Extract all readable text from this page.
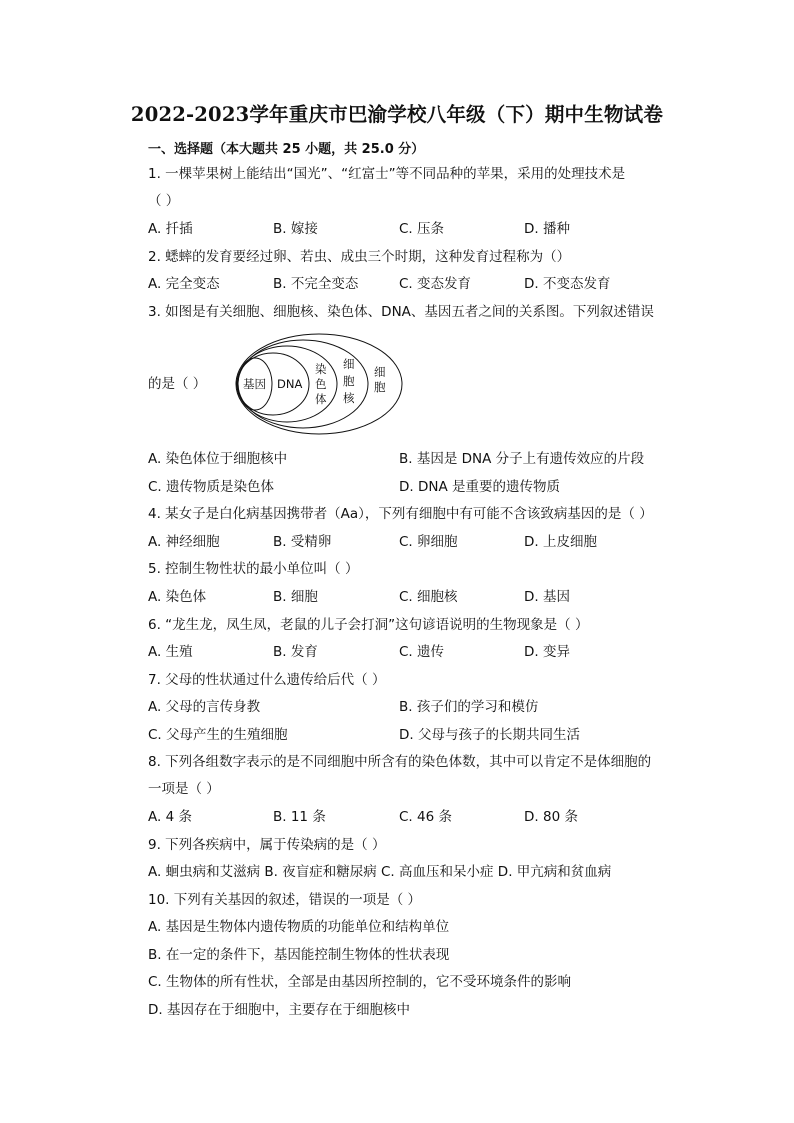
2022-2023学年重庆市巴渝学校八年级（下）期中生物试卷
一、选择题（本大题共 25 小题，共 25.0 分）
1. 一棵苹果树上能结出“国光”、“红富士”等不同品种的苹果，采用的处理技术是
（ ）
A. 扦插	B. 嫁接	C. 压条	D. 播种
2. 蟋蟀的发育要经过卵、若虫、成虫三个时期，这种发育过程称为（）
A. 完全变态	B. 不完全变态	C. 变态发育	D. 不变态发育
3. 如图是有关细胞、细胞核、染色体、DNA、基因五者之间的关系图。下列叙述错误
的是（ ）	基因 DNA
染色体
细胞核
细胞
A. 染色体位于细胞核中	B. 基因是 DNA 分子上有遗传效应的片段
C. 遗传物质是染色体	D. DNA 是重要的遗传物质
4. 某女子是白化病基因携带者（Aa），下列有细胞中有可能不含该致病基因的是（ ）
A. 神经细胞	B. 受精卵	C. 卵细胞	D. 上皮细胞
5. 控制生物性状的最小单位叫（ ）
A. 染色体	B. 细胞	C. 细胞核	D. 基因
6. “龙生龙，凤生凤，老鼠的儿子会打洞”这句谚语说明的生物现象是（ ）
A. 生殖	B. 发育	C. 遗传	D. 变异
7. 父母的性状通过什么遗传给后代（ ）
A. 父母的言传身教	B. 孩子们的学习和模仿
C. 父母产生的生殖细胞	D. 父母与孩子的长期共同生活
8. 下列各组数字表示的是不同细胞中所含有的染色体数，其中可以肯定不是体细胞的
一项是（ ）
A. 4 条	B. 11 条	C. 46 条	D. 80 条
9. 下列各疾病中，属于传染病的是（ ）
A. 蛔虫病和艾滋病 B. 夜盲症和糖尿病 C. 高血压和呆小症 D. 甲亢病和贫血病
10. 下列有关基因的叙述，错误的一项是（ ）
A. 基因是生物体内遗传物质的功能单位和结构单位
B. 在一定的条件下，基因能控制生物体的性状表现
C. 生物体的所有性状，全部是由基因所控制的，它不受环境条件的影响
D. 基因存在于细胞中，主要存在于细胞核中
